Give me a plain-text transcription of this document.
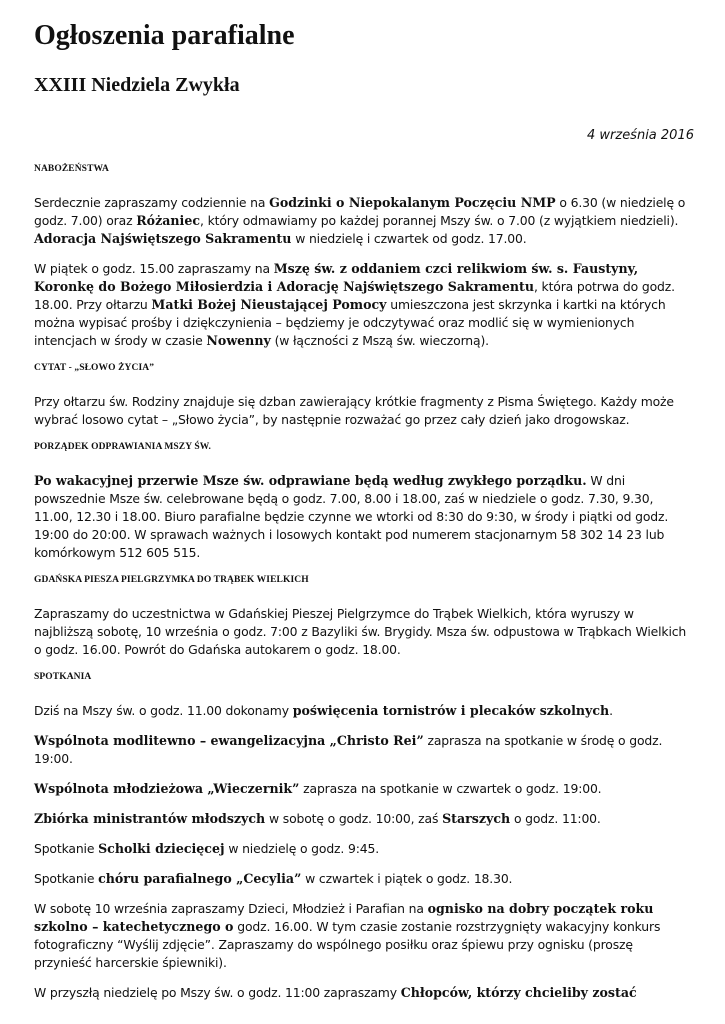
Ogłoszenia parafialne
XXIII Niedziela Zwykła
4 września 2016
NABOŻEŃSTWA

Serdecznie zapraszamy codziennie na Godzinki o Niepokalanym Poczęciu NMP o 6.30 (w niedzielę o godz. 7.00) oraz Różaniec, który odmawiamy po każdej porannej Mszy św. o 7.00 (z wyjątkiem niedzieli). Adoracja Najświętszego Sakramentu w niedzielę i czwartek od godz. 17.00.

W piątek o godz. 15.00 zapraszamy na Mszę św. z oddaniem czci relikwiom św. s. Faustyny, Koronkę do Bożego Miłosierdzia i Adorację Najświętszego Sakramentu, która potrwa do godz. 18.00. Przy ołtarzu Matki Bożej Nieustającej Pomocy umieszczona jest skrzynka i kartki na których można wypisać prośby i dziękczynienia – będziemy je odczytywać oraz modlić się w wymienionych intencjach w środy w czasie Nowenny (w łączności z Mszą św. wieczorną).

CYTAT - „SŁOWO ŻYCIA”

Przy ołtarzu św. Rodziny znajduje się dzban zawierający krótkie fragmenty z Pisma Świętego. Każdy może wybrać losowo cytat – „Słowo życia”, by następnie rozważać go przez cały dzień jako drogowskaz.

PORZĄDEK ODPRAWIANIA MSZY ŚW.

Po wakacyjnej przerwie Msze św. odprawiane będą według zwykłego porządku. W dni powszednie Msze św. celebrowane będą o godz. 7.00, 8.00 i 18.00, zaś w niedziele o godz. 7.30, 9.30, 11.00, 12.30 i 18.00. Biuro parafialne będzie czynne we wtorki od 8:30 do 9:30, w środy i piątki od godz. 19:00 do 20:00. W sprawach ważnych i losowych kontakt pod numerem stacjonarnym 58 302 14 23 lub komórkowym 512 605 515.

GDAŃSKA PIESZA PIELGRZYMKA DO TRĄBEK WIELKICH

Zapraszamy do uczestnictwa w Gdańskiej Pieszej Pielgrzymce do Trąbek Wielkich, która wyruszy w najbliższą sobotę, 10 września o godz. 7:00 z Bazyliki św. Brygidy. Msza św. odpustowa w Trąbkach Wielkich o godz. 16.00. Powrót do Gdańska autokarem o godz. 18.00.

SPOTKANIA

Dziś na Mszy św. o godz. 11.00 dokonamy poświęcenia tornistrów i plecaków szkolnych.

Wspólnota modlitewno – ewangelizacyjna „Christo Rei” zaprasza na spotkanie w środę o godz. 19:00.

Wspólnota młodzieżowa „Wieczernik” zaprasza na spotkanie w czwartek o godz. 19:00.

Zbiórka ministrantów młodszych w sobotę o godz. 10:00, zaś Starszych o godz. 11:00.

Spotkanie Scholki dziecięcej w niedzielę o godz. 9:45.

Spotkanie chóru parafialnego „Cecylia” w czwartek i piątek o godz. 18.30.

W sobotę 10 września zapraszamy Dzieci, Młodzież i Parafian na ognisko na dobry początek roku szkolno – katechetycznego o godz. 16.00. W tym czasie zostanie rozstrzygnięty wakacyjny konkurs fotograficzny “Wyślij zdjęcie”. Zapraszamy do wspólnego posiłku oraz śpiewu przy ognisku (proszę przynieść harcerskie śpiewniki).

W przyszłą niedzielę po Mszy św. o godz. 11:00 zapraszamy Chłopców, którzy chcieliby zostać
